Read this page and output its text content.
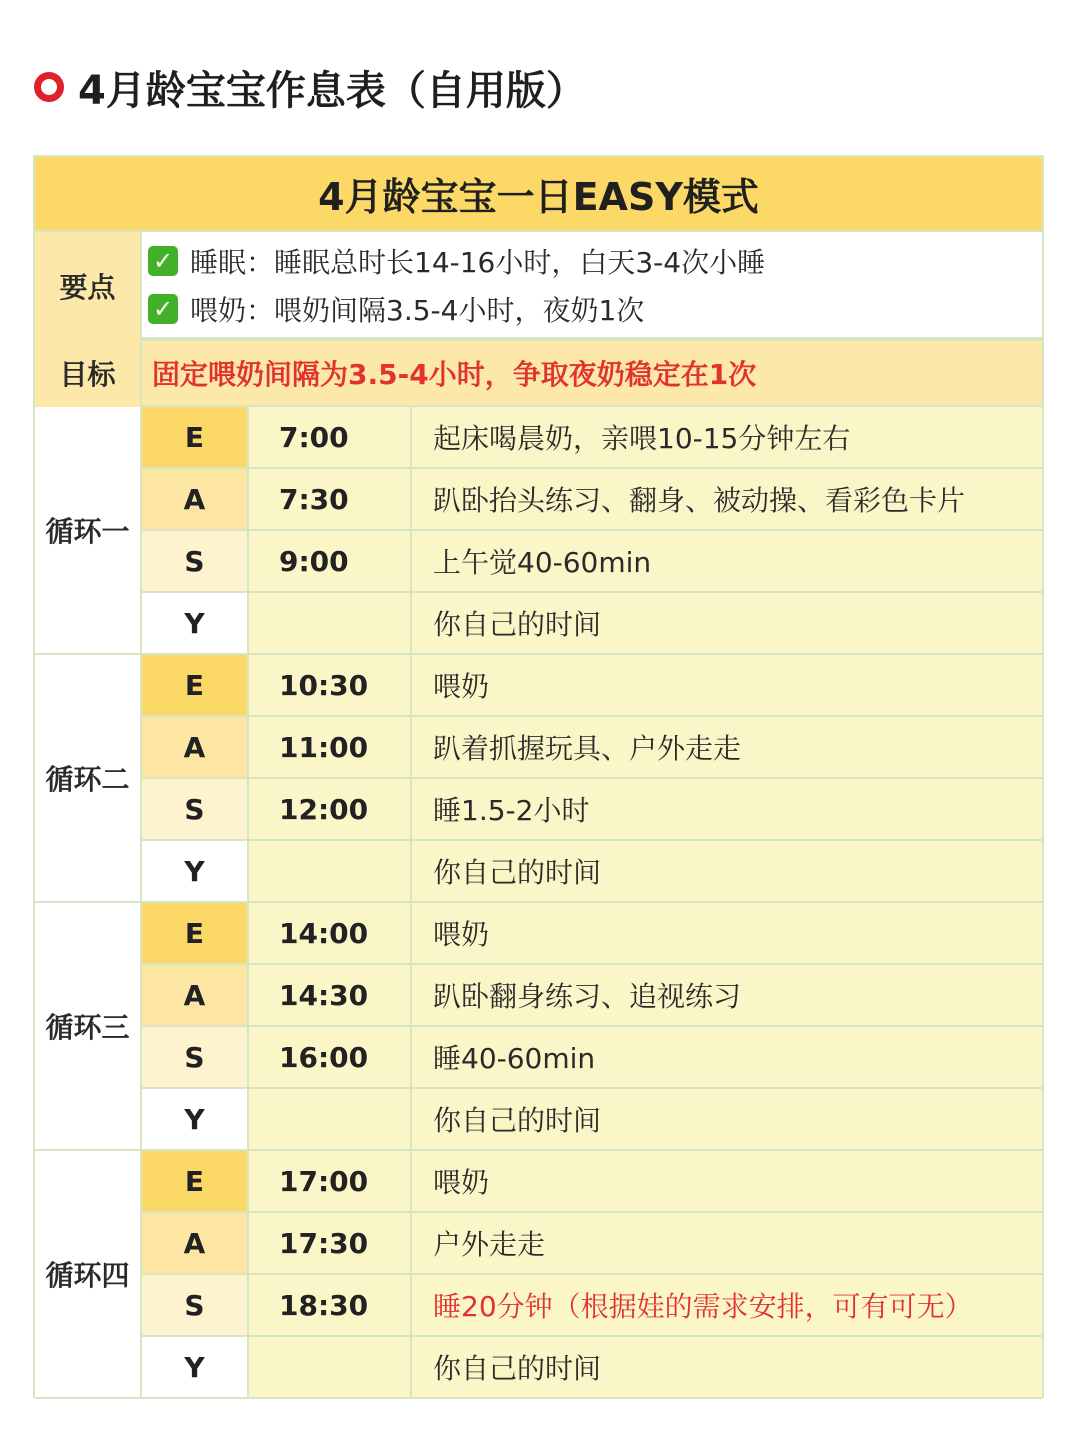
4月龄宝宝作息表（自用版）
4月龄宝宝一日EASY模式
要点
✓ 睡眠：睡眠总时长14-16小时，白天3-4次小睡
✓ 喂奶：喂奶间隔3.5-4小时，夜奶1次
目标	固定喂奶间隔为3.5-4小时，争取夜奶稳定在1次
循环一
E	7:00	起床喝晨奶，亲喂10-15分钟左右
A	7:30	趴卧抬头练习、翻身、被动操、看彩色卡片
S	9:00	上午觉40-60min
Y	你自己的时间
循环二
E	10:30	喂奶
A	11:00	趴着抓握玩具、户外走走
S	12:00	睡1.5-2小时
Y	你自己的时间
循环三
E	14:00	喂奶
A	14:30	趴卧翻身练习、追视练习
S	16:00	睡40-60min
Y	你自己的时间
循环四
E	17:00	喂奶
A	17:30	户外走走
S	18:30	睡20分钟（根据娃的需求安排，可有可无）
Y	你自己的时间
